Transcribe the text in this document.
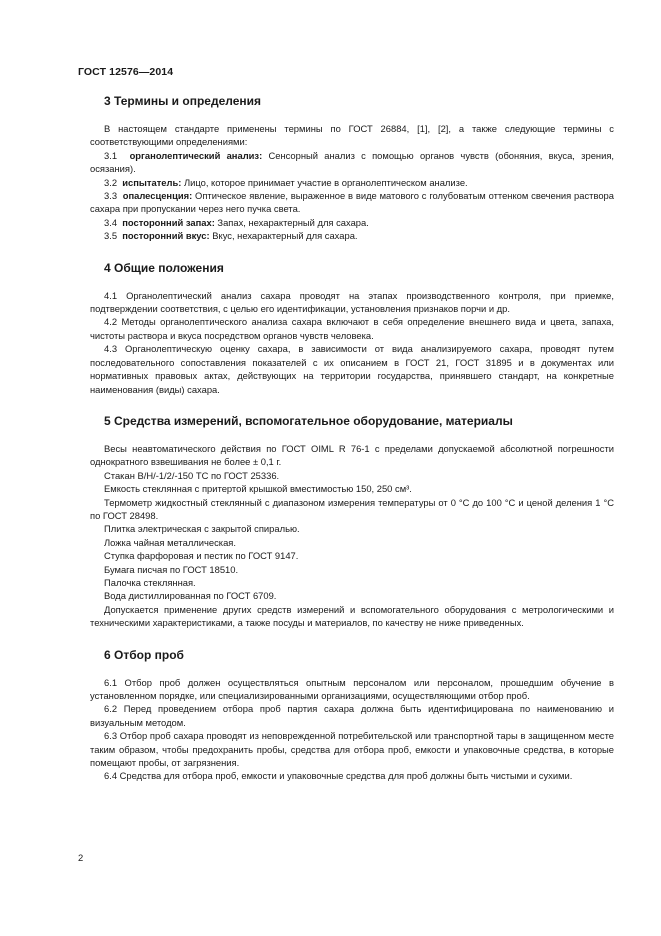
ГОСТ 12576—2014
3 Термины и определения

В настоящем стандарте применены термины по ГОСТ 26884, [1], [2], а также следующие термины с соответствующими определениями:

3.1 органолептический анализ: Сенсорный анализ с помощью органов чувств (обоняния, вкуса, зрения, осязания).

3.2 испытатель: Лицо, которое принимает участие в органолептическом анализе.

3.3 опалесценция: Оптическое явление, выраженное в виде матового с голубоватым оттенком свечения раствора сахара при пропускании через него пучка света.

3.4 посторонний запах: Запах, нехарактерный для сахара.

3.5 посторонний вкус: Вкус, нехарактерный для сахара.

4 Общие положения

4.1 Органолептический анализ сахара проводят на этапах производственного контроля, при приемке, подтверждении соответствия, с целью его идентификации, установления признаков порчи и др.

4.2 Методы органолептического анализа сахара включают в себя определение внешнего вида и цвета, запаха, чистоты раствора и вкуса посредством органов чувств человека.

4.3 Органолептическую оценку сахара, в зависимости от вида анализируемого сахара, проводят путем последовательного сопоставления показателей с их описанием в ГОСТ 21, ГОСТ 31895 и в документах или нормативных правовых актах, действующих на территории государства, принявшего стандарт, на конкретные наименования (виды) сахара.

5 Средства измерений, вспомогательное оборудование, материалы

Весы неавтоматического действия по ГОСТ OIML R 76-1 с пределами допускаемой абсолютной погрешности однократного взвешивания не более ± 0,1 г.

Стакан В/Н/-1/2/-150 ТС по ГОСТ 25336.

Емкость стеклянная с притертой крышкой вместимостью 150, 250 см³.

Термометр жидкостный стеклянный с диапазоном измерения температуры от 0 °С до 100 °С и ценой деления 1 °С по ГОСТ 28498.

Плитка электрическая с закрытой спиралью.

Ложка чайная металлическая.

Ступка фарфоровая и пестик по ГОСТ 9147.

Бумага писчая по ГОСТ 18510.

Палочка стеклянная.

Вода дистиллированная по ГОСТ 6709.

Допускается применение других средств измерений и вспомогательного оборудования с метрологическими и техническими характеристиками, а также посуды и материалов, по качеству не ниже приведенных.

6 Отбор проб

6.1 Отбор проб должен осуществляться опытным персоналом или персоналом, прошедшим обучение в установленном порядке, или специализированными организациями, осуществляющими отбор проб.

6.2 Перед проведением отбора проб партия сахара должна быть идентифицирована по наименованию и визуальным методом.

6.3 Отбор проб сахара проводят из неповрежденной потребительской или транспортной тары в защищенном месте таким образом, чтобы предохранить пробы, средства для отбора проб, емкости и упаковочные средства, в которые помещают пробы, от загрязнения.

6.4 Средства для отбора проб, емкости и упаковочные средства для проб должны быть чистыми и сухими.

2
